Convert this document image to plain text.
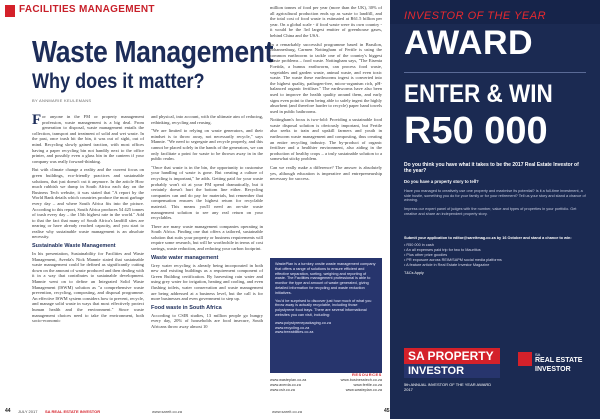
FACILITIES MANAGEMENT
Waste Management
Why does it matter?
BY ANNMARIE KEULEMANS

For anyone in the FM or property management profession, waste management is a big deal. From generation to disposal, waste management entails the collection, transport and treatment of solid and wet waste. In the past, once trash hit the bin, it was out of sight, out of mind. Recycling slowly gained traction, with most offices having a paper recycling bin not handily next to the office printer, and possibly even a glass bin in the canteen if your company was really forward-thinking.

But with climate change a reality and the current focus on green buildings, eco-friendly practices and sustainable solutions, that just doesn't cut it anymore. In the article How much rubbish we dump in South Africa each day on the Business Tech website, it was stated that "A report by the World Bank details which countries produce the most garbage every day – and where South Africa fits into the picture. According to this report, South Africa produces 54 425 tonnes of trash every day – the 15th highest rate in the world." Add to that the fact that many of South Africa's landfill sites are nearing or have already reached capacity, and you start to realise why sustainable waste management is an absolute necessity.

Sustainable Waste Management

In his presentation, Sustainability for Facilities and Waste Management, Averda's Nick Mannie stated that sustainable waste management could be defined as significantly cutting down on the amount of waste produced and then dealing with it in a way that contributes to sustainable development. Mannie went on to define an Integrated Solid Waste Management (ISWM) solution as "a comprehensive waste prevention, recycling, composting, and disposal programme. An effective ISWM system considers how to prevent, recycle, and manage solid waste in ways that most effectively protect human health and the environment." Since waste management choices need to take the environment, both socio-economic

and physical, into account, with the ultimate aim of reducing, rethinking, recycling and reusing.

"We are limited to relying on waste generators, and their mindset is to throw away, not necessarily recycle," says Mannie. "We need to segregate and recycle properly, and this cannot be placed solely in the hands of the generators, we can only facilitate a point for waste to be thrown away in in the public realm.

"Once that waste is in the bin, the opportunity to customise your handling of waste is gone. But creating a culture of recycling is important," he adds. Getting paid for your waste probably won't sit at your FM spend dramatically, but it certainly doesn't hurt the bottom line either. Recycling companies can and do pay for materials, but remember that compensation ensures the highest return for recyclable material. This means you'll need an on-site waste management solution to see any real return on your recyclables.

There are many waste management companies operating in South Africa. Finding one that offers a tailored, sustainable solution that suits your property or business requirements will require some research, but will be worthwhile in terms of cost savings, waste reduction, and reducing your carbon footprint.

Waste water management

Grey water recycling is already being incorporated in both new and existing buildings as a requirement component of Green Building certification. By harvesting rain water and using grey water for irrigation, heating and cooling, and even flushing toilets, water conservation and waste management are being addressed at a business level, but the call is for more businesses and even government to step up.

Food waste in South Africa

According to CSIR studies, 13 million people go hungry every day, 20% of households are food insecure, South Africans throw away almost 10

million tonnes of food per year (more than the UK), 30% of all agricultural production ends up as waste to landfill, and the total cost of food waste is estimated at R61.5 billion per year. On a global scale - if food waste were its own country - it would be the 3rd largest emitter of greenhouse gases, behind China and the USA.

In a remarkably successful programme based in Brasilon, Johannesburg, Carmen Nottingham of Fertile is using the common earthworm to tackle one of the country's biggest waste problems – food waste. Nottingham says, "The Eisenia Foetida, a humus earthworm, can process food waste, vegetables and garden waste, animal waste, and even toxic waste. The waste these earthworms ingest is converted into the highest quality, pathogen-free, micro-organism rich, pH-balanced organic fertiliser." The earthworms have also been used to improve the health quality around them, and early signs even point to them being able to safely ingest the highly absorbent (and therefore harder to recycle) paper hand towels used in public bathrooms.

Nottingham's focus is two-fold: Providing a sustainable food waste disposal solution is obviously important, but Fertile also seeks to train and upskill farmers and youth in earthworm waste management and composting, thus creating an entire recycling industry. The by-product of organic fertiliser and a healthier environment, also aiding in the production of healthy crops – a truly sustainable solution to a somewhat sticky problem.

Can we really make a difference? The answer is absolutely yes, although education is imperative and entrepreneurship necessary for success.

WastePlan is a turnkey onsite waste management company that offers a range of solutions to ensure efficient and effective separation, sorting, weighing and reporting of waste. The Facilities management professional is able to monitor the type and amount of waste generated, giving detailed information for recycling and waste reduction initiatives.

You'd be surprised to discover just how much of what you throw away is actually recyclable, including those polystyrene food trays. There are several informational websites you can visit, including:

www.polystyrenepackaging.co.za
www.recycling.co.za
www.treeabilities.co.za
RESOURCES
www.wasteplan.co.za	www.businesstech.co.za
www.averda.co.za	www.fertile.co.za
www.csir.co.za	www.wasteplan.co.za
44 JULY 2017 SA REAL ESTATE INVESTOR	www.sareit.co.za	www.sareit.co.za	45
INVESTOR OF THE YEAR
AWARD
ENTER & WIN
R50 000
Do you think you have what it takes to be the 2017 Real Estate Investor of the year?

Do you have a property story to tell?

Have you managed to creatively use one property and maximise its potential? Is it a full-time investment, a side hustle, something you do for your family or for your retirement? Tell us your story and stand a chance of winning.

Impress our expert panel of judges with the number, value and types of properties in your portfolio. Get creative and share an independent property story.

Submit your application to editor@sareitmag.co.za by 16 October and stand a chance to win:
• R50 000 in cash
• An all expenses paid trip for two to Mauritius
• Plus other prize goodies
• PR exposure across REIM/SAPM social media platforms
• A feature article in Real Estate Investor Magazine
T&Cs Apply
SA PROPERTY
INVESTOR
5th ANNUAL INVESTOR OF THE YEAR AWARD 2017
SA
REAL ESTATE
INVESTOR
